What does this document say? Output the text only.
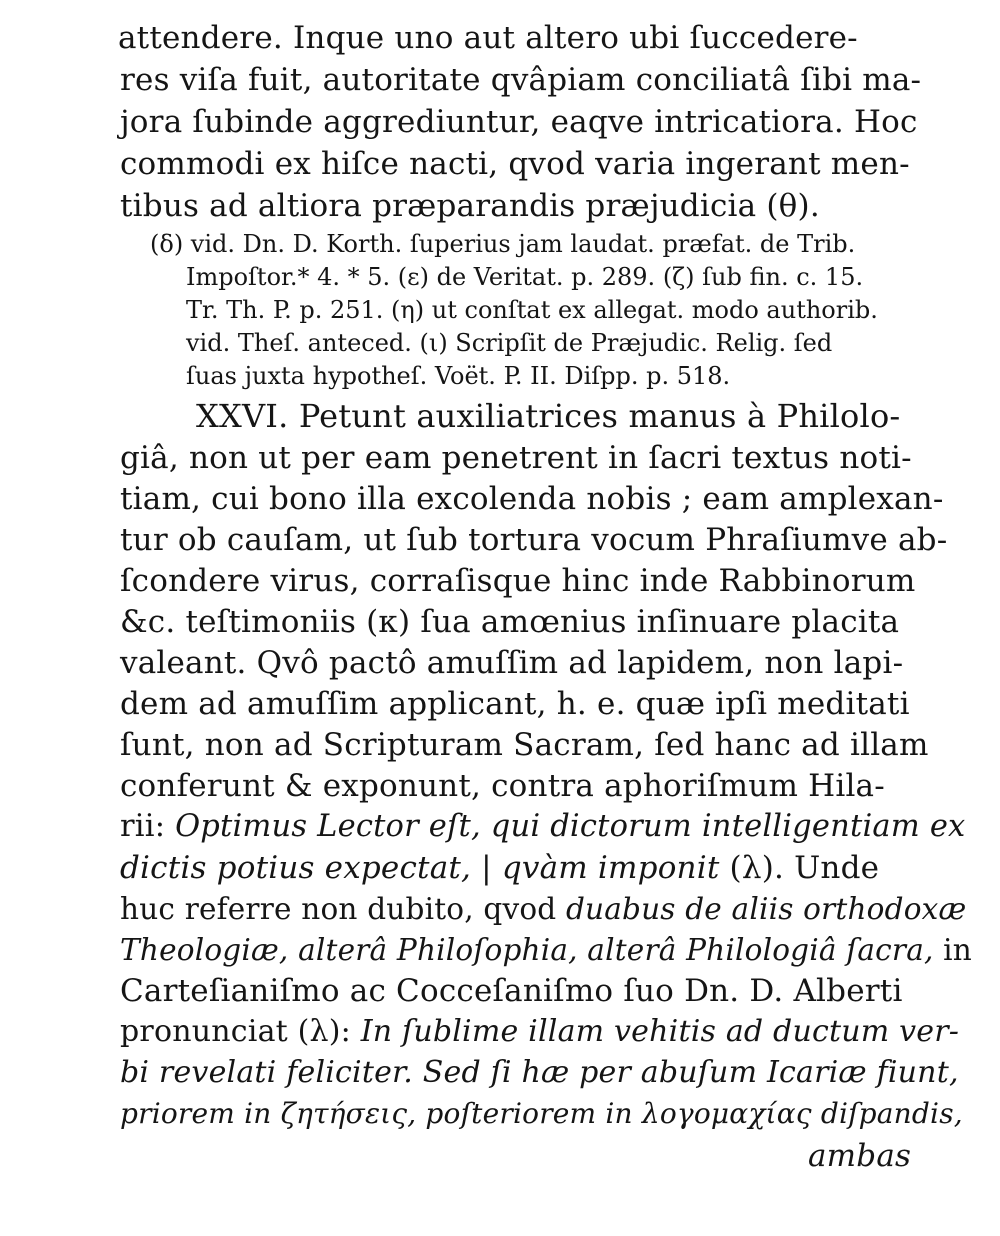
attendere. Inque uno aut altero ubi ſuccedere-
res viſa fuit, autoritate qvâpiam conciliatâ ſibi ma-
jora ſubinde aggrediuntur, eaqve intricatiora. Hoc
commodi ex hiſce nacti, qvod varia ingerant men-
tibus ad altiora præparandis præjudicia (θ).
(δ) vid. Dn. D. Korth. ſuperius jam laudat. præfat. de Trib.
Impoſtor.* 4. * 5. (ε) de Veritat. p. 289. (ζ) ſub fin. c. 15.
Tr. Th. P. p. 251. (η) ut conſtat ex allegat. modo authorib.
vid. Theſ. anteced. (ι) Scripſit de Præjudic. Relig. ſed
ſuas juxta hypotheſ. Voët. P. II. Diſpp. p. 518.
XXVI. Petunt auxiliatrices manus à Philolo-
giâ, non ut per eam penetrent in ſacri textus noti-
tiam, cui bono illa excolenda nobis ; eam amplexan-
tur ob cauſam, ut ſub tortura vocum Phraſiumve ab-
ſcondere virus, corraſisque hinc inde Rabbinorum
&c. teſtimoniis (κ) ſua amœnius inſinuare placita
valeant. Qvô pactô amuſſim ad lapidem, non lapi-
dem ad amuſſim applicant, h. e. quæ ipſi meditati
ſunt, non ad Scripturam Sacram, ſed hanc ad illam
conferunt & exponunt, contra aphoriſmum Hila-
rii: Optimus Lector eſt, qui dictorum intelligentiam ex
dictis potius expectat, | qvàm imponit (λ). Unde
huc referre non dubito, qvod duabus de aliis orthodoxæ
Theologiæ, alterâ Philoſophia, alterâ Philologiâ ſacra, in
Carteſianiſmo ac Cocceſaniſmo ſuo Dn. D. Alberti
pronunciat (λ): In ſublime illam vehitis ad ductum ver-
bi revelati feliciter. Sed ſi hæ per abuſum Icariæ fiunt,
priorem in ζητήσεις, poſteriorem in λογομαχίας diſpandis,
ambas
